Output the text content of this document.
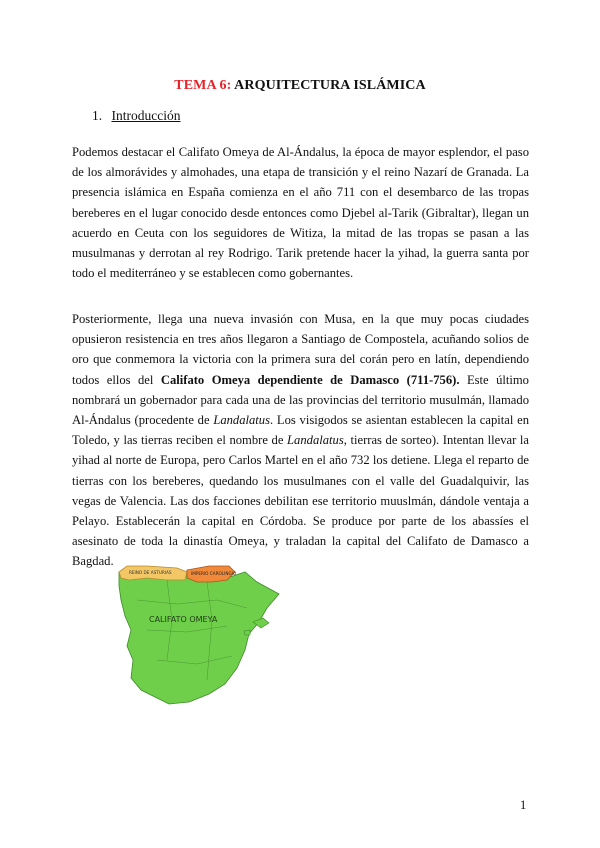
TEMA 6: ARQUITECTURA ISLÁMICA
1. Introducción

Podemos destacar el Califato Omeya de Al-Ándalus, la época de mayor esplendor, el paso de los almorávides y almohades, una etapa de transición y el reino Nazarí de Granada. La presencia islámica en España comienza en el año 711 con el desembarco de las tropas bereberes en el lugar conocido desde entonces como Djebel al-Tarik (Gibraltar), llegan un acuerdo en Ceuta con los seguidores de Witiza, la mitad de las tropas se pasan a las musulmanas y derrotan al rey Rodrigo. Tarik pretende hacer la yihad, la guerra santa por todo el mediterráneo y se establecen como gobernantes.

Posteriormente, llega una nueva invasión con Musa, en la que muy pocas ciudades opusieron resistencia en tres años llegaron a Santiago de Compostela, acuñando solios de oro que conmemora la victoria con la primera sura del corán pero en latín, dependiendo todos ellos del Califato Omeya dependiente de Damasco (711-756). Este último nombrará un gobernador para cada una de las provincias del territorio musulmán, llamado Al-Ándalus (procedente de Landalatus. Los visigodos se asientan establecen la capital en Toledo, y las tierras reciben el nombre de Landalatus, tierras de sorteo). Intentan llevar la yihad al norte de Europa, pero Carlos Martel en el año 732 los detiene. Llega el reparto de tierras con los bereberes, quedando los musulmanes con el valle del Guadalquivir, las vegas de Valencia. Las dos facciones debilitan ese territorio muuslmán, dándole ventaja a Pelayo. Establecerán la capital en Córdoba. Se produce por parte de los abassíes el asesinato de toda la dinastía Omeya, y traladan la capital del Califato de Damasco a Bagdad.

REINO DE ASTURIAS	IMPERIO CAROLINGIO
CALIFATO OMEYA
1
